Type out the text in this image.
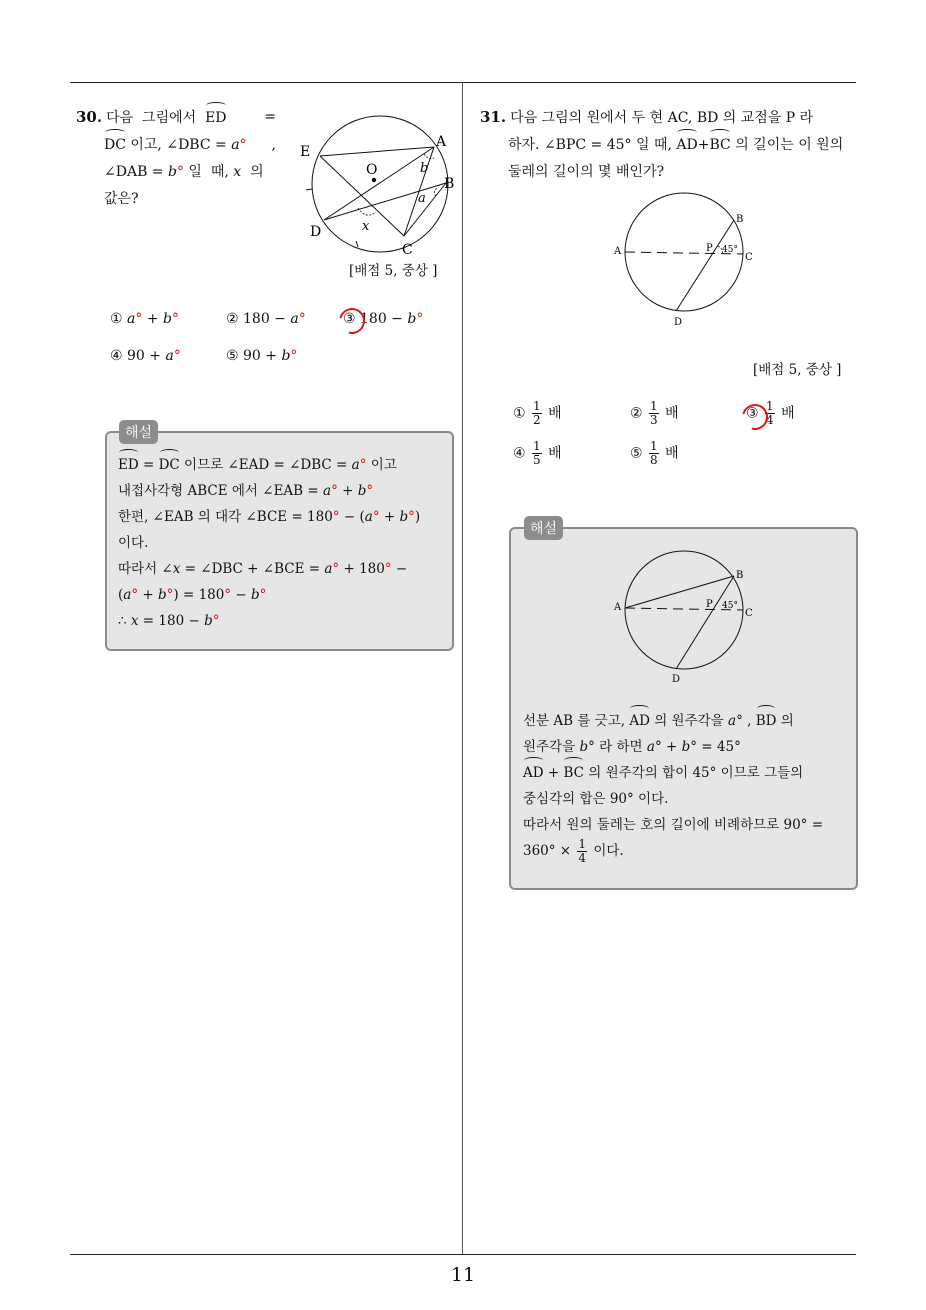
30. 다음  그림에서  ED	=
DC 이고, ∠DBC = a° ,
∠DAB = b° 일  때, x  의
값은?
A
B
C
D
E
O
a
b
x
[배점 5, 중상 ]
① a° + b°	② 180 − a°	③ 180 − b°
④ 90 + a°	⑤ 90 + b°
해설
ED = DC 이므로 ∠EAD = ∠DBC = a° 이고
내접사각형 ABCE 에서 ∠EAB = a° + b°
한편, ∠EAB 의 대각 ∠BCE = 180° − (a° + b°)
이다.
따라서 ∠x = ∠DBC + ∠BCE = a° + 180° −
(a° + b°) = 180° − b°
∴ x = 180 − b°
31. 다음 그림의 원에서 두 현 AC, BD 의 교점을 P 라
하자. ∠BPC = 45° 일 때, AD+BC 의 길이는 이 원의
둘레의 길이의 몇 배인가?
A
B
C
D
P 45°
[배점 5, 중상 ]
① $\frac{1}{2}$ 배	② $\frac{1}{3}$ 배	③ $\frac{1}{4}$ 배
④ $\frac{1}{5}$ 배	⑤ $\frac{1}{8}$ 배
해설
A
B
C
D
P 45°
선분 AB 를 긋고, AD 의 원주각을 a° , BD 의
원주각을 b° 라 하면 a° + b° = 45°
AD + BC 의 원주각의 합이 45° 이므로 그들의
중심각의 합은 90° 이다.
따라서 원의 둘레는 호의 길이에 비례하므로 90° =
$360^\circ \times \frac{1}{4}$ 이다.
11
